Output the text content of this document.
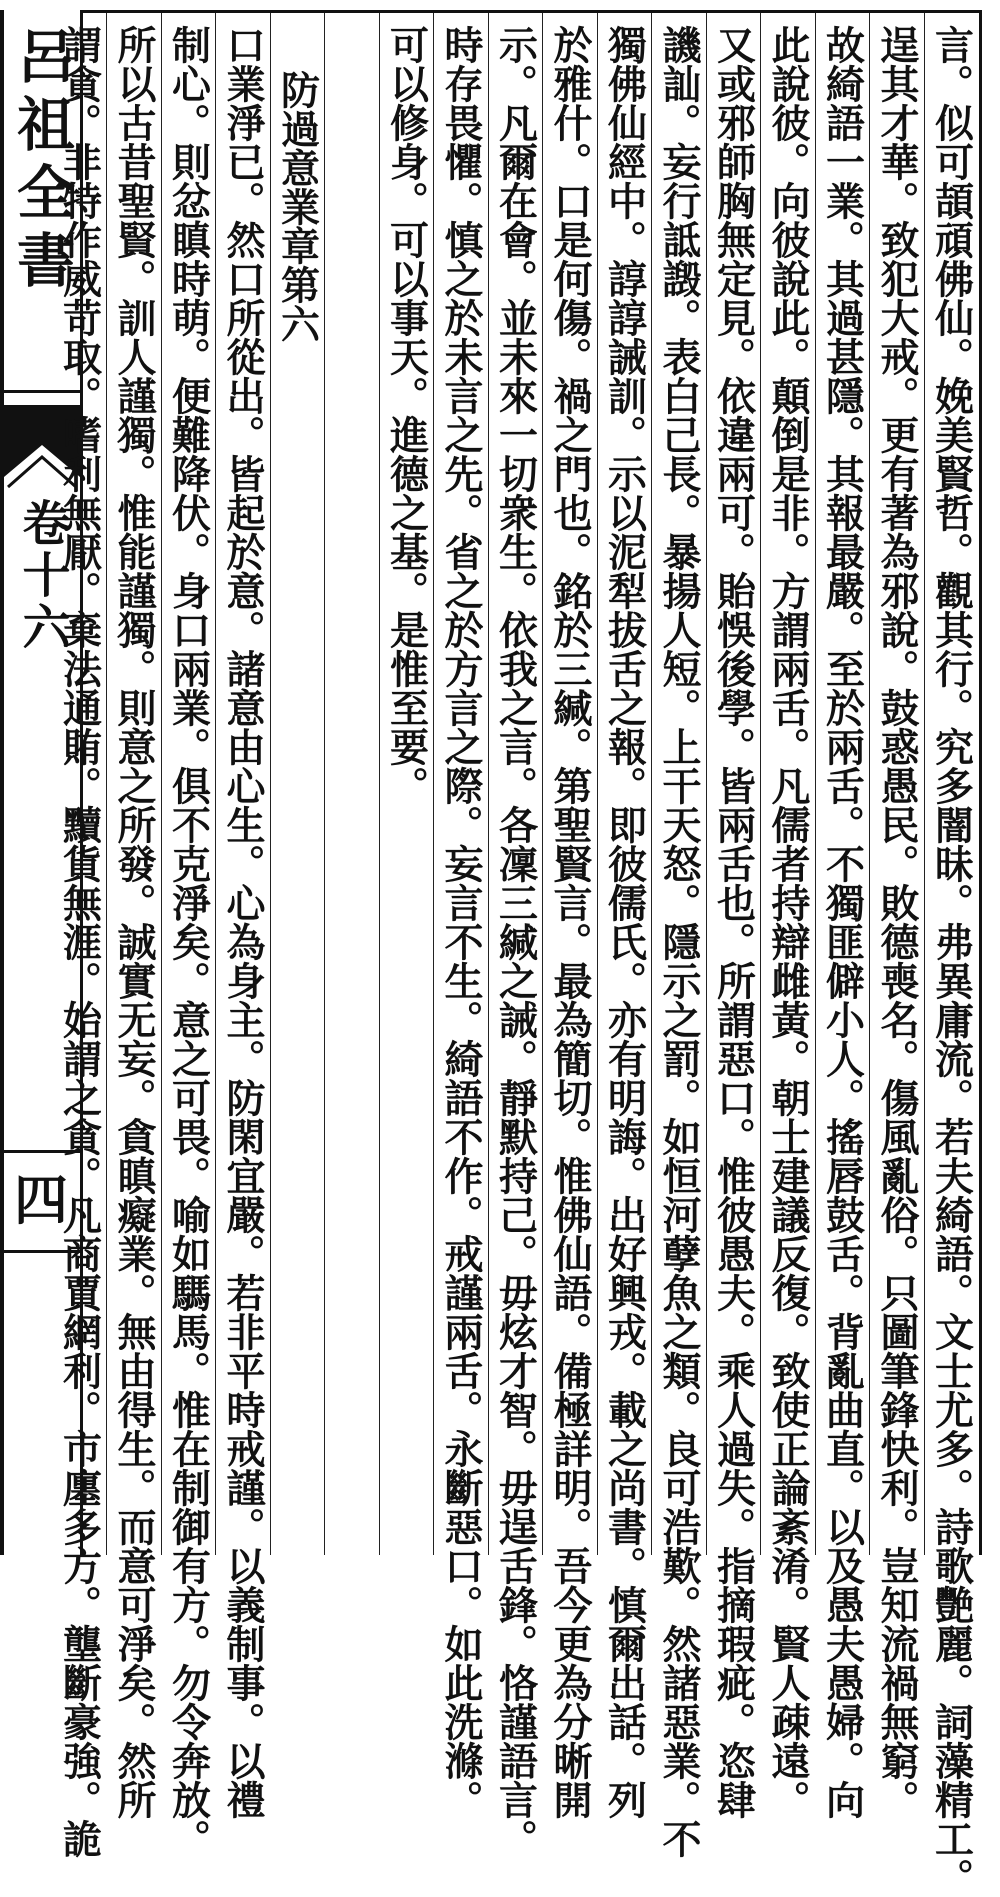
呂祖全書
卷十六
四	言。似可頡頑佛仙。娩美賢哲。觀其行。究多闇昧。弗異庸流。若夫綺語。文士尤多。詩歌艷麗。詞藻精工。
逞其才華。致犯大戒。更有著為邪說。鼓惑愚民。敗德喪名。傷風亂俗。只圖筆鋒快利。豈知流禍無窮。
故綺語一業。其過甚隱。其報最嚴。至於兩舌。不獨匪僻小人。搖唇鼓舌。背亂曲直。以及愚夫愚婦。向
此說彼。向彼說此。顛倒是非。方謂兩舌。凡儒者持辯雌黃。朝士建議反復。致使正論紊淆。賢人疎遠。
又或邪師胸無定見。依違兩可。貽悞後學。皆兩舌也。所謂惡口。惟彼愚夫。乘人過失。指摘瑕疵。恣肆
譏訕。妄行詆譭。表白己長。暴揚人短。上干天怒。隱示之罰。如恒河孽魚之類。良可浩歎。然諸惡業。不
獨佛仙經中。諄諄誡訓。示以泥犁拔舌之報。即彼儒氏。亦有明誨。出好興戎。載之尚書。慎爾出話。列
於雅什。口是何傷。禍之門也。銘於三緘。第聖賢言。最為簡切。惟佛仙語。備極詳明。吾今更為分晰開
示。凡爾在會。並未來一切衆生。依我之言。各凜三緘之誡。靜默持己。毋炫才智。毋逞舌鋒。恪謹語言。
時存畏懼。慎之於未言之先。省之於方言之際。妄言不生。綺語不作。戒謹兩舌。永斷惡口。如此洗滌。
可以修身。可以事天。進德之基。是惟至要。
防過意業章第六
口業淨已。然口所從出。皆起於意。諸意由心生。心為身主。防閑宜嚴。若非平時戒謹。以義制事。以禮
制心。則忿瞋時萌。便難降伏。身口兩業。俱不克淨矣。意之可畏。喻如騳馬。惟在制御有方。勿令奔放。
所以古昔聖賢。訓人謹獨。惟能謹獨。則意之所發。誠實无妄。貪瞋癡業。無由得生。而意可淨矣。然所
謂貪。非特作威苛取。嗜利無厭。棄法通賄。黷貨無涯。始謂之貪。凡商賈網利。市廛多方。壟斷豪強。詭
